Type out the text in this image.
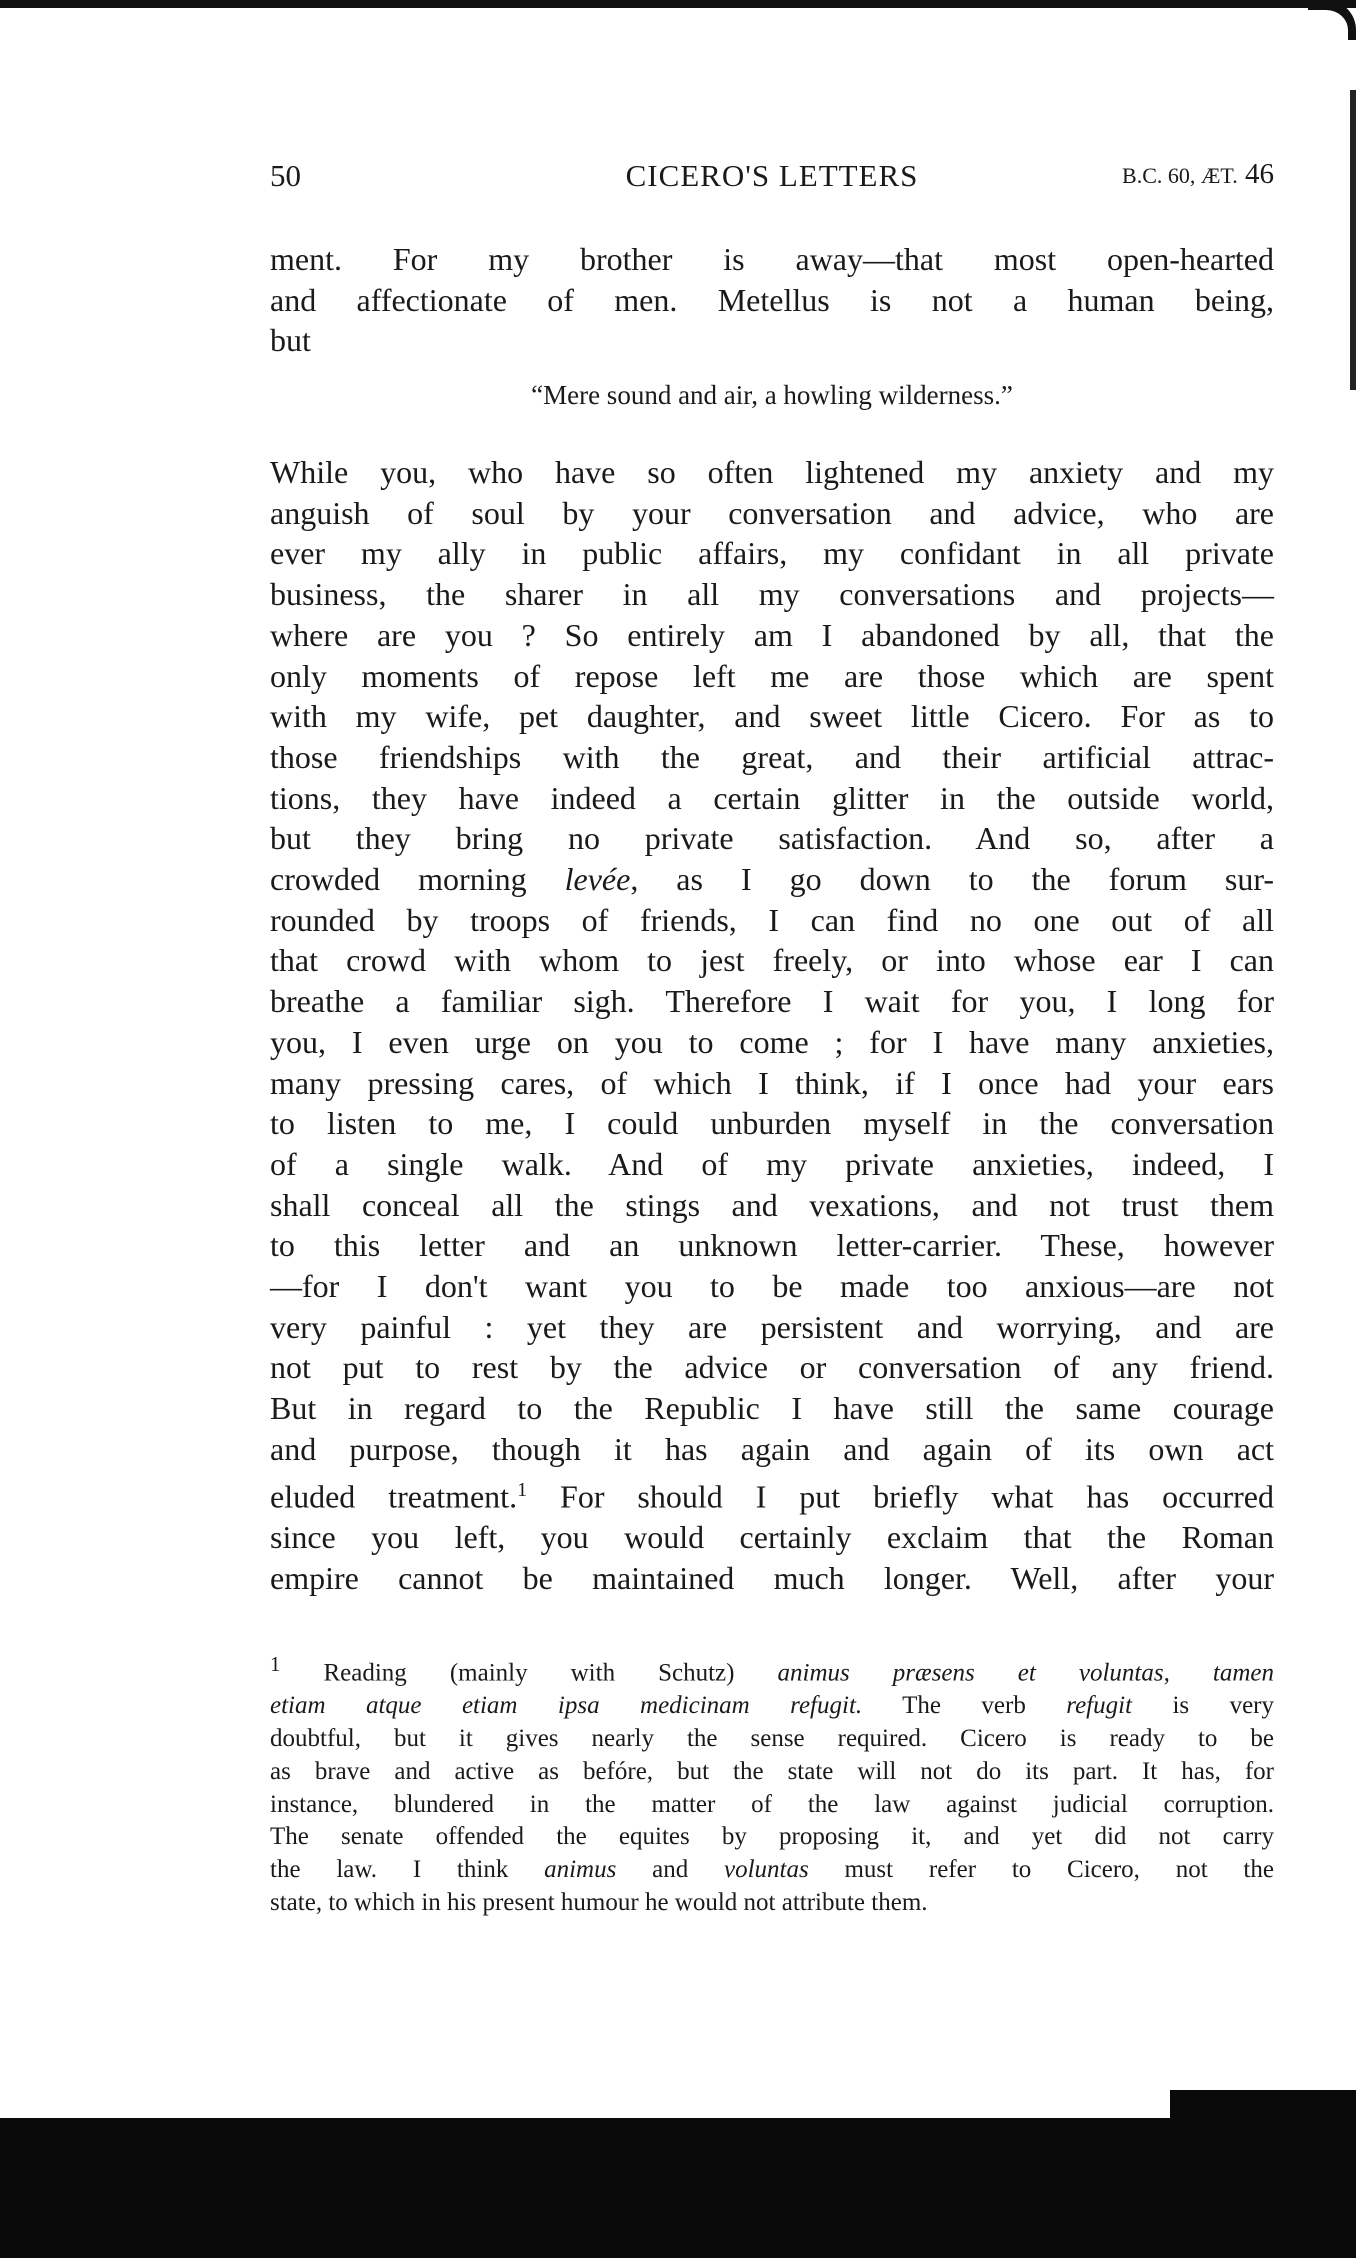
50	CICERO'S LETTERS	B.C. 60, ÆT. 46
ment. For my brother is away—that most open-hearted
and affectionate of men. Metellus is not a human being,
but
“Mere sound and air, a howling wilderness.”
While you, who have so often lightened my anxiety and my
anguish of soul by your conversation and advice, who are
ever my ally in public affairs, my confidant in all private
business, the sharer in all my conversations and projects—
where are you ? So entirely am I abandoned by all, that the
only moments of repose left me are those which are spent
with my wife, pet daughter, and sweet little Cicero. For as to
those friendships with the great, and their artificial attrac-
tions, they have indeed a certain glitter in the outside world,
but they bring no private satisfaction. And so, after a
crowded morning levée, as I go down to the forum sur-
rounded by troops of friends, I can find no one out of all
that crowd with whom to jest freely, or into whose ear I can
breathe a familiar sigh. Therefore I wait for you, I long for
you, I even urge on you to come ; for I have many anxieties,
many pressing cares, of which I think, if I once had your ears
to listen to me, I could unburden myself in the conversation
of a single walk. And of my private anxieties, indeed, I
shall conceal all the stings and vexations, and not trust them
to this letter and an unknown letter-carrier. These, however
—for I don't want you to be made too anxious—are not
very painful : yet they are persistent and worrying, and are
not put to rest by the advice or conversation of any friend.
But in regard to the Republic I have still the same courage
and purpose, though it has again and again of its own act
eluded treatment.$^1$ For should I put briefly what has occurred
since you left, you would certainly exclaim that the Roman
empire cannot be maintained much longer. Well, after your
$^1$ Reading (mainly with Schutz) animus præsens et voluntas, tamen
etiam atque etiam ipsa medicinam refugit. The verb refugit is very
doubtful, but it gives nearly the sense required. Cicero is ready to be
as brave and active as befóre, but the state will not do its part. It has, for
instance, blundered in the matter of the law against judicial corruption.
The senate offended the equites by proposing it, and yet did not carry
the law. I think animus and voluntas must refer to Cicero, not the
state, to which in his present humour he would not attribute them.
